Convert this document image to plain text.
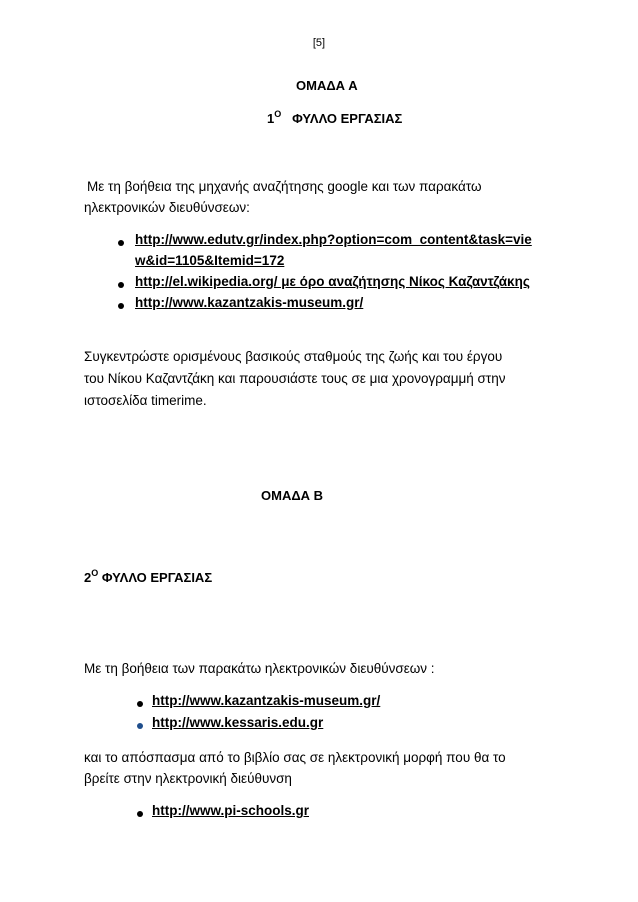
[5]
ΟΜΑΔΑ Α
$1^O$ ΦΥΛΛΟ ΕΡΓΑΣΙΑΣ
Με τη βοήθεια της μηχανής αναζήτησης google και των παρακάτω
ηλεκτρονικών διευθύνσεων:
http://www.edutv.gr/index.php?option=com_content&task=vie
w&id=1105&Itemid=172
http://el.wikipedia.org/ με όρο αναζήτησης Νίκος Καζαντζάκης
http://www.kazantzakis-museum.gr/
Συγκεντρώστε ορισμένους βασικούς σταθμούς της ζωής και του έργου
του Νίκου Καζαντζάκη και παρουσιάστε τους σε μια χρονογραμμή στην
ιστοσελίδα timerime.
ΟΜΑΔΑ Β
$2^O$ ΦΥΛΛΟ ΕΡΓΑΣΙΑΣ
Με τη βοήθεια των παρακάτω ηλεκτρονικών διευθύνσεων :
http://www.kazantzakis-museum.gr/
http://www.kessaris.edu.gr
και το απόσπασμα από το βιβλίο σας σε ηλεκτρονική μορφή που θα το
βρείτε στην ηλεκτρονική διεύθυνση
http://www.pi-schools.gr
